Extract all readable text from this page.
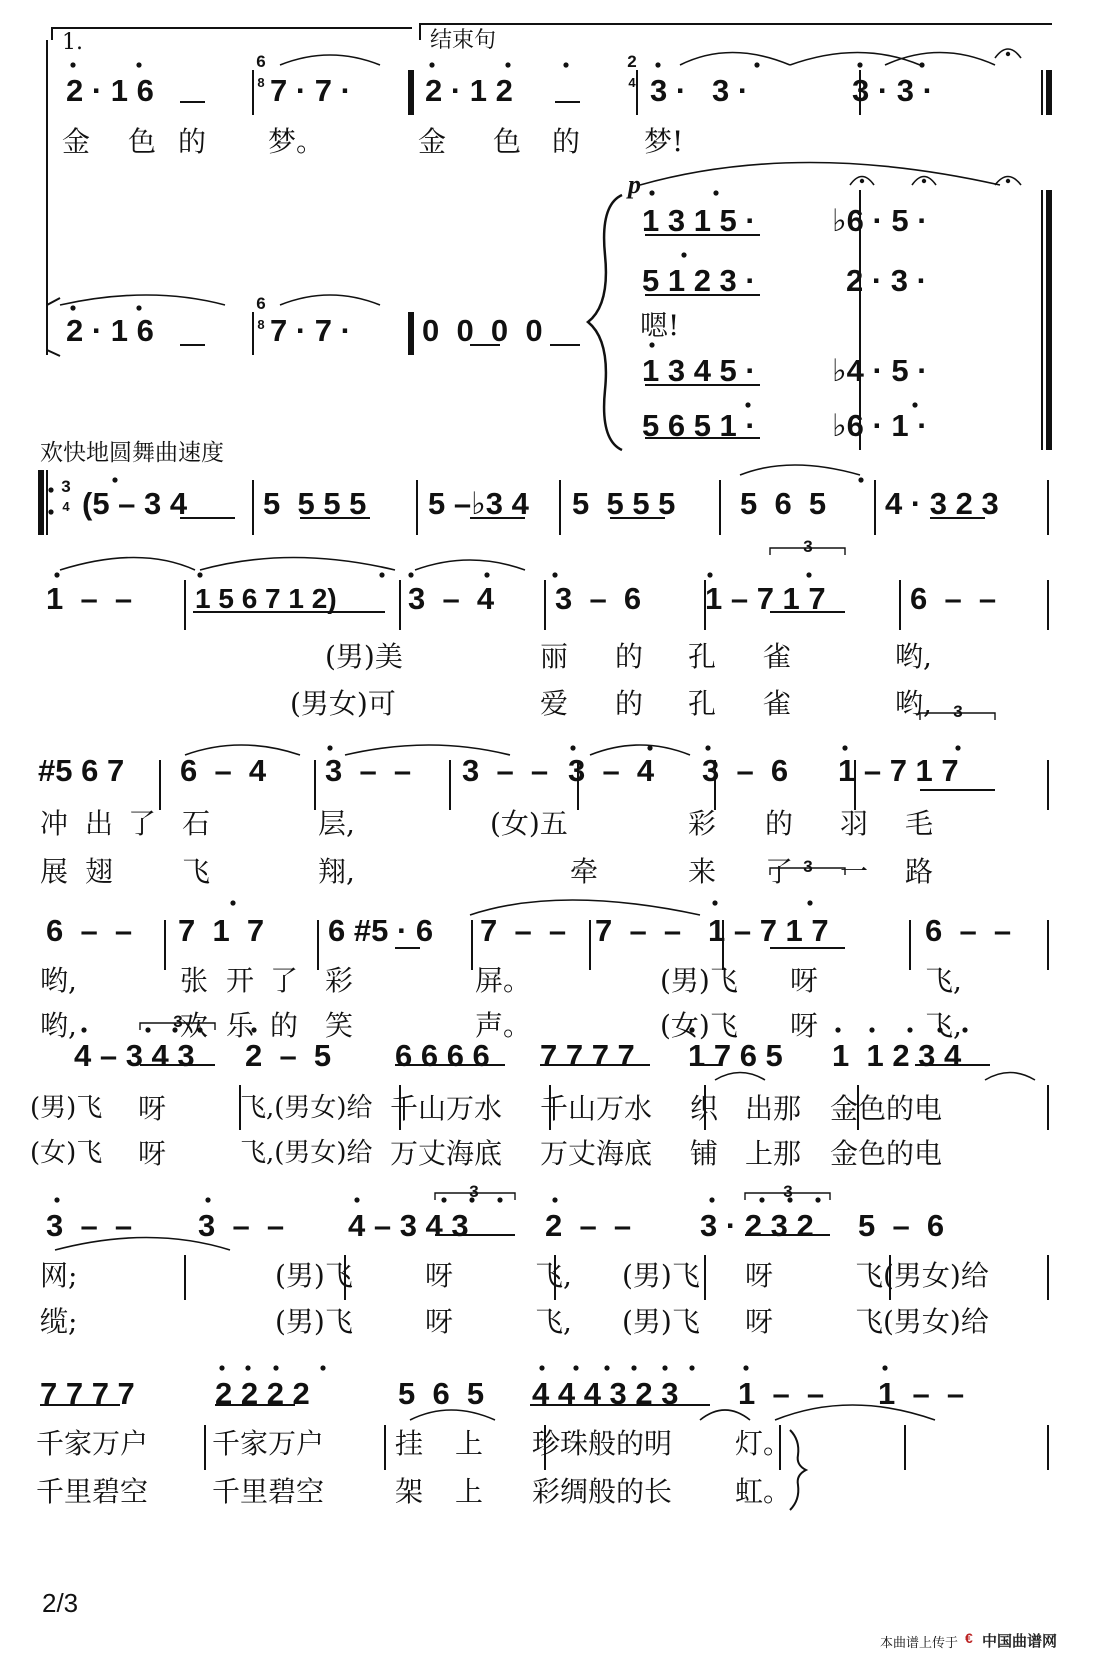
1.	结束句
6
8
2
4
2 · 1 6	7 · 7 · 2 · 1 2	3 ·   3 ·	3 · 3 ·
金 色 的 梦。	金 色 的 梦!
p
1 3 1 5 · ♭6 · 5 ·
5 1 2 3 ·	2 · 3 ·
嗯!
1 3 4 5 · ♭4 · 5 ·
5 6 5 1 · ♭6 · 1 ·
6
8
2 · 1 6	7 · 7 · 0  0  0  0
欢快地圆舞曲速度
3
4 (5 – 3 4 5  5 5 5 5 –♭3 4 5  5 5 5 5  6  5 4 · 3 2 3
1  –  – 1 5 6 7 1 2) 3  –  4 3  –  6 1 – 7 1 7
3
6  –  –
(男)美	丽 的 孔 雀	哟,
(男女)可	爱 的 孔 雀	哟,
#5 6 7 6  –  4 3  –  – 3  –  – 3  –  4 3  –  6 1 – 7 1 7
3
冲 出 了 石	层,	(女)五	彩 的 羽 毛
展 翅 飞	翔,	牵	来 了 一 路
6  –  – 7  1  7 6 #5 · 6 7  –  – 7  –  – 1 – 7 1 7
3
6  –  –
哟,	张 开 了 彩	屏。	(男)飞 呀	飞,
哟,	欢 乐 的 笑	声。	(女)飞 呀	飞,
4 – 3 4 3
3
2  –  5 6 6 6 6 7 7 7 7 1 7 6 5 1  1 2 3 4
(男)飞 呀	飞,(男女)给 千山万水 千山万水 织 出那 金色的电
(女)飞 呀	飞,(男女)给 万丈海底 万丈海底 铺 上那 金色的电
3  –  – 3  –  – 4 – 3 4 3
3
2  –  – 3 · 2 3 2
3
5  –  6
网;	(男)飞	呀	飞, (男)飞 呀	飞(男女)给
缆;	(男)飞	呀	飞, (男)飞 呀	飞(男女)给
7 7 7 7	2 2 2 2	5  6  5 4 4 4 3 2 3 1  –  – 1  –  –
千家万户 千家万户	挂 上 珍珠般的明 灯。
千里碧空 千里碧空	架 上 彩绸般的长 虹。
2/3
本曲谱上传于 € 中国曲谱网
